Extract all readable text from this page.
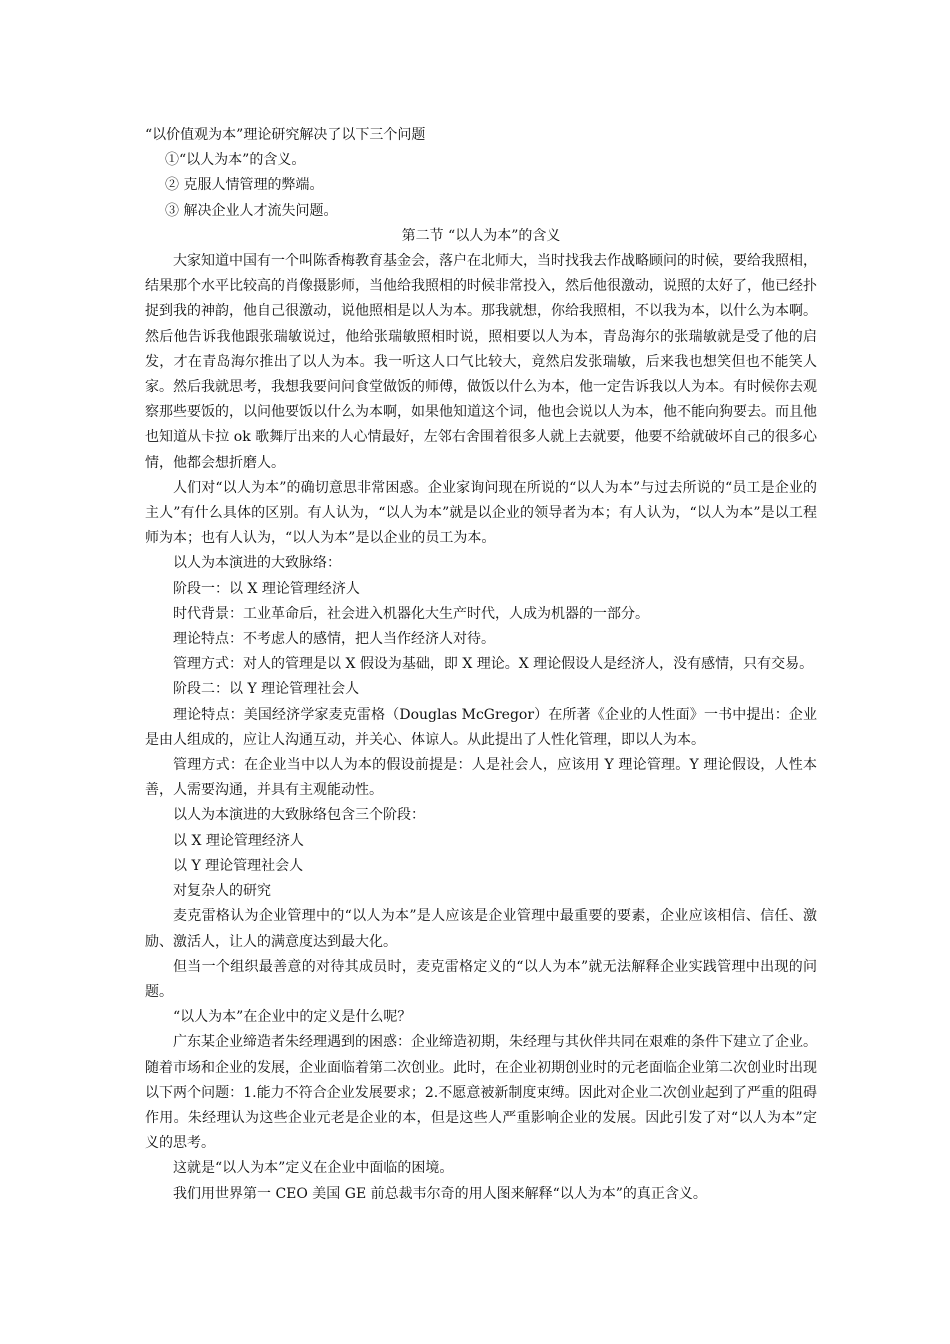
“以价值观为本”理论研究解决了以下三个问题

①“以人为本”的含义。

② 克服人情管理的弊端。

③ 解决企业人才流失问题。

第二节 “以人为本”的含义

大家知道中国有一个叫陈香梅教育基金会，落户在北师大，当时找我去作战略顾问的时候，要给我照相，结果那个水平比较高的肖像摄影师，当他给我照相的时候非常投入，然后他很激动，说照的太好了，他已经扑捉到我的神韵，他自己很激动，说他照相是以人为本。那我就想，你给我照相，不以我为本，以什么为本啊。然后他告诉我他跟张瑞敏说过，他给张瑞敏照相时说，照相要以人为本，青岛海尔的张瑞敏就是受了他的启发，才在青岛海尔推出了以人为本。我一听这人口气比较大，竟然启发张瑞敏，后来我也想笑但也不能笑人家。然后我就思考，我想我要问问食堂做饭的师傅，做饭以什么为本，他一定告诉我以人为本。有时候你去观察那些要饭的，以问他要饭以什么为本啊，如果他知道这个词，他也会说以人为本，他不能向狗要去。而且他也知道从卡拉 ok 歌舞厅出来的人心情最好，左邻右舍围着很多人就上去就要，他要不给就破坏自己的很多心情，他都会想折磨人。

人们对“以人为本”的确切意思非常困惑。企业家询问现在所说的“以人为本”与过去所说的“员工是企业的主人”有什么具体的区别。有人认为，“以人为本”就是以企业的领导者为本；有人认为，“以人为本”是以工程师为本；也有人认为，“以人为本”是以企业的员工为本。

以人为本演进的大致脉络：

阶段一：以 X 理论管理经济人

时代背景：工业革命后，社会进入机器化大生产时代，人成为机器的一部分。

理论特点：不考虑人的感情，把人当作经济人对待。

管理方式：对人的管理是以 X 假设为基础，即 X 理论。X 理论假设人是经济人，没有感情，只有交易。

阶段二：以 Y 理论管理社会人

理论特点：美国经济学家麦克雷格（Douglas McGregor）在所著《企业的人性面》一书中提出：企业是由人组成的，应让人沟通互动，并关心、体谅人。从此提出了人性化管理，即以人为本。

管理方式：在企业当中以人为本的假设前提是：人是社会人，应该用 Y 理论管理。Y 理论假设，人性本善，人需要沟通，并具有主观能动性。

以人为本演进的大致脉络包含三个阶段：

以 X 理论管理经济人

以 Y 理论管理社会人

对复杂人的研究

麦克雷格认为企业管理中的“以人为本”是人应该是企业管理中最重要的要素，企业应该相信、信任、激励、激活人，让人的满意度达到最大化。

但当一个组织最善意的对待其成员时，麦克雷格定义的“以人为本”就无法解释企业实践管理中出现的问题。

“以人为本”在企业中的定义是什么呢？

广东某企业缔造者朱经理遇到的困惑：企业缔造初期，朱经理与其伙伴共同在艰难的条件下建立了企业。随着市场和企业的发展，企业面临着第二次创业。此时，在企业初期创业时的元老面临企业第二次创业时出现以下两个问题：1.能力不符合企业发展要求；2.不愿意被新制度束缚。因此对企业二次创业起到了严重的阻碍作用。朱经理认为这些企业元老是企业的本，但是这些人严重影响企业的发展。因此引发了对“以人为本”定义的思考。

这就是“以人为本”定义在企业中面临的困境。

我们用世界第一 CEO 美国 GE 前总裁韦尔奇的用人图来解释“以人为本”的真正含义。
